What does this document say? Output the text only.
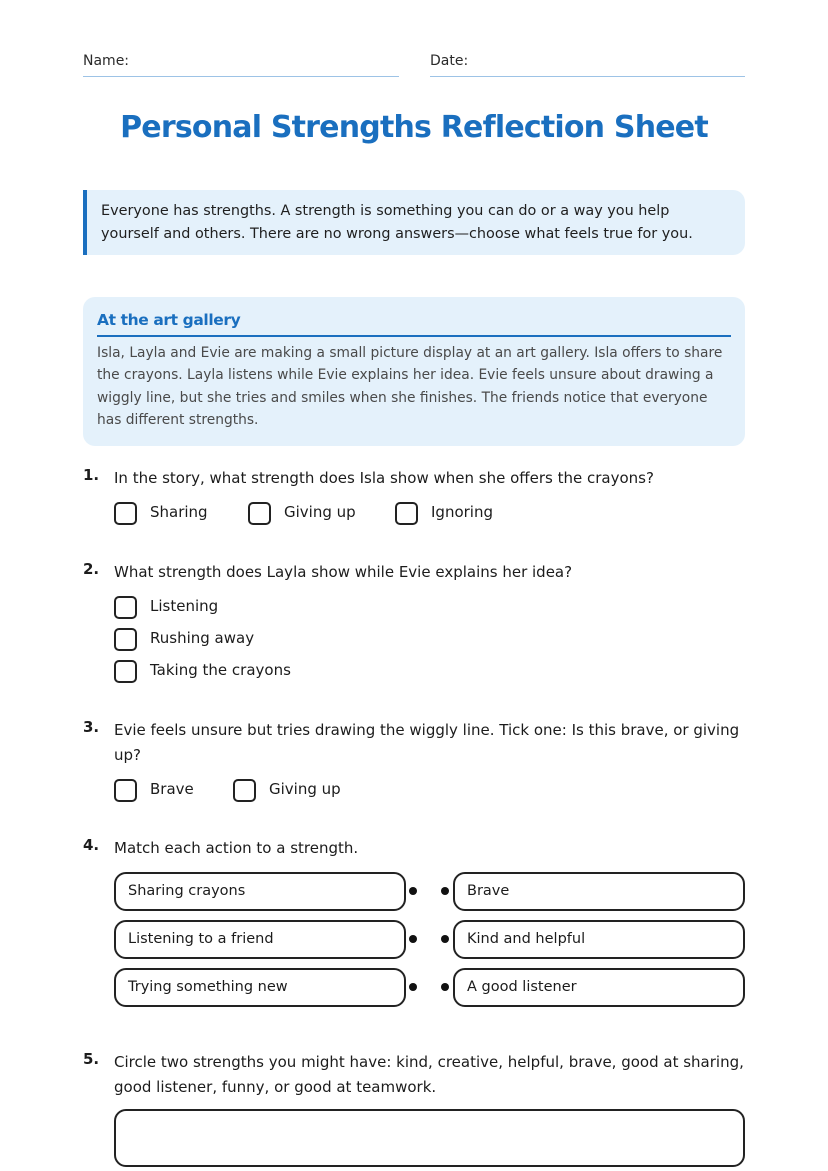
Name:	Date:
Personal Strengths Reflection Sheet
Everyone has strengths. A strength is something you can do or a way you help yourself and others. There are no wrong answers—choose what feels true for you.
At the art gallery
Isla, Layla and Evie are making a small picture display at an art gallery. Isla offers to share the crayons. Layla listens while Evie explains her idea. Evie feels unsure about drawing a wiggly line, but she tries and smiles when she finishes. The friends notice that everyone has different strengths.
1. In the story, what strength does Isla show when she offers the crayons?
Sharing	Giving up	Ignoring
2. What strength does Layla show while Evie explains her idea?
Listening
Rushing away
Taking the crayons
3. Evie feels unsure but tries drawing the wiggly line. Tick one: Is this brave, or giving up?
Brave	Giving up
4. Match each action to a strength.
Sharing crayons
Listening to a friend
Trying something new
Brave
Kind and helpful
A good listener
5. Circle two strengths you might have: kind, creative, helpful, brave, good at sharing, good listener, funny, or good at teamwork.
